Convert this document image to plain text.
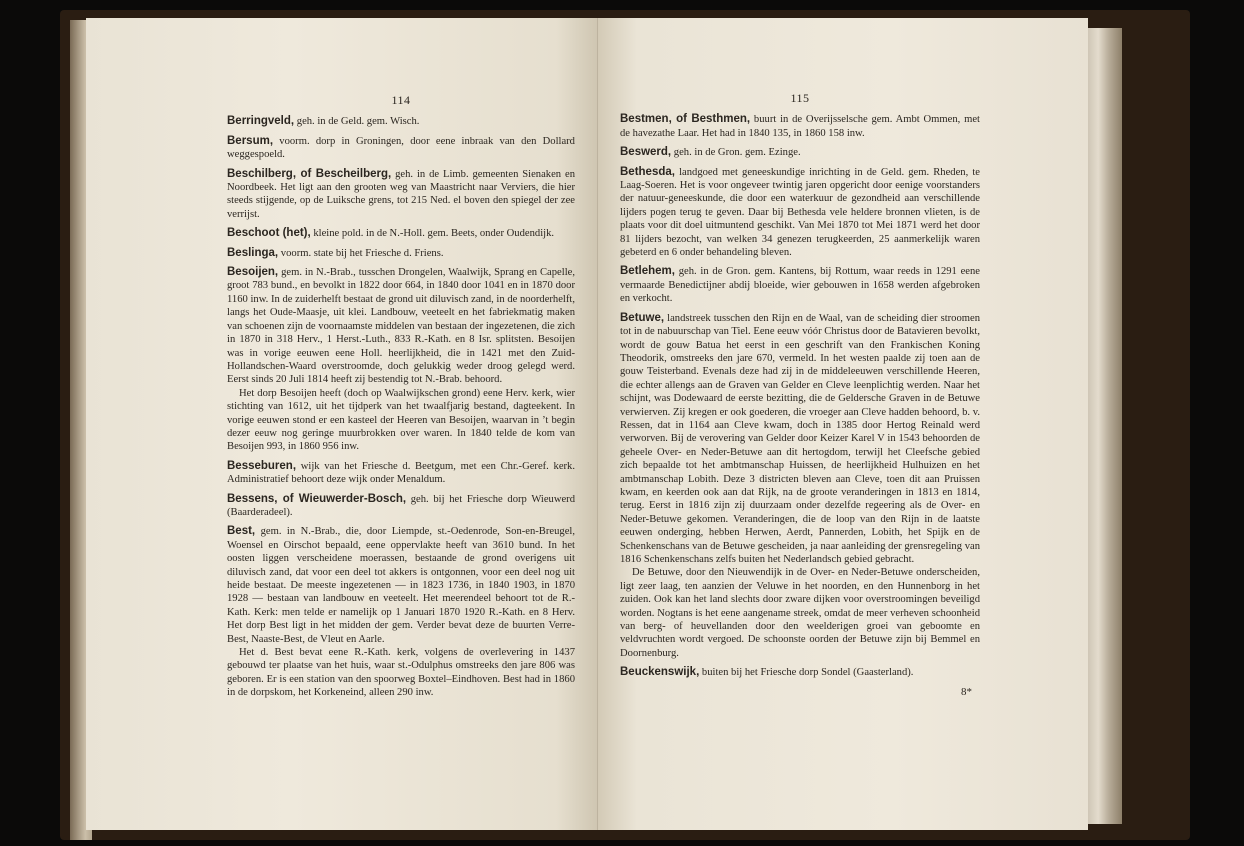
114

Berringveld, geh. in de Geld. gem. Wisch.

Bersum, voorm. dorp in Groningen, door eene inbraak van den Dollard weggespoeld.

Beschilberg, of Bescheilberg, geh. in de Limb. gemeenten Sienaken en Noordbeek. Het ligt aan den grooten weg van Maastricht naar Verviers, die hier steeds stijgende, op de Luiksche grens, tot 215 Ned. el boven den spiegel der zee verrijst.

Beschoot (het), kleine pold. in de N.-Holl. gem. Beets, onder Oudendijk.

Beslinga, voorm. state bij het Friesche d. Friens.

Besoijen, gem. in N.-Brab., tusschen Drongelen, Waalwijk, Sprang en Capelle, groot 783 bund., en bevolkt in 1822 door 664, in 1840 door 1041 en in 1870 door 1160 inw. In de zuiderhelft bestaat de grond uit diluvisch zand, in de noorderhelft, langs het Oude-Maasje, uit klei. Landbouw, veeteelt en het fabriekmatig maken van schoenen zijn de voornaamste middelen van bestaan der ingezetenen, die zich in 1870 in 318 Herv., 1 Herst.-Luth., 833 R.-Kath. en 8 Isr. splitsten. Besoijen was in vorige eeuwen eene Holl. heerlijkheid, die in 1421 met den Zuid-Hollandschen-Waard overstroomde, doch gelukkig weder droog gelegd werd. Eerst sinds 20 Juli 1814 heeft zij bestendig tot N.-Brab. behoord.

Het dorp Besoijen heeft (doch op Waalwijkschen grond) eene Herv. kerk, wier stichting van 1612, uit het tijdperk van het twaalfjarig bestand, dagteekent. In vorige eeuwen stond er een kasteel der Heeren van Besoijen, waarvan in ’t begin dezer eeuw nog geringe muurbrokken over waren. In 1840 telde de kom van Besoijen 993, in 1860 956 inw.

Besseburen, wijk van het Friesche d. Beetgum, met een Chr.-Geref. kerk. Administratief behoort deze wijk onder Menaldum.

Bessens, of Wieuwerder-Bosch, geh. bij het Friesche dorp Wieuwerd (Baarderadeel).

Best, gem. in N.-Brab., die, door Liempde, st.-Oedenrode, Son-en-Breugel, Woensel en Oirschot bepaald, eene oppervlakte heeft van 3610 bund. In het oosten liggen verscheidene moerassen, bestaande de grond overigens uit diluvisch zand, dat voor een deel tot akkers is ontgonnen, voor een deel nog uit heide bestaat. De meeste ingezetenen — in 1823 1736, in 1840 1903, in 1870 1928 — bestaan van landbouw en veeteelt. Het meerendeel behoort tot de R.-Kath. Kerk: men telde er namelijk op 1 Januari 1870 1920 R.-Kath. en 8 Herv. Het dorp Best ligt in het midden der gem. Verder bevat deze de buurten Verre-Best, Naaste-Best, de Vleut en Aarle.

Het d. Best bevat eene R.-Kath. kerk, volgens de overlevering in 1437 gebouwd ter plaatse van het huis, waar st.-Odulphus omstreeks den jare 806 was geboren. Er is een station van den spoorweg Boxtel–Eindhoven. Best had in 1860 in de dorpskom, het Korkeneind, alleen 290 inw.

115

Bestmen, of Besthmen, buurt in de Overijsselsche gem. Ambt Ommen, met de havezathe Laar. Het had in 1840 135, in 1860 158 inw.

Beswerd, geh. in de Gron. gem. Ezinge.

Bethesda, landgoed met geneeskundige inrichting in de Geld. gem. Rheden, te Laag-Soeren. Het is voor ongeveer twintig jaren opgericht door eenige voorstanders der natuur-geneeskunde, die door een waterkuur de gezondheid aan verschillende lijders pogen terug te geven. Daar bij Bethesda vele heldere bronnen vlieten, is de plaats voor dit doel uitmuntend geschikt. Van Mei 1870 tot Mei 1871 werd het door 81 lijders bezocht, van welken 34 genezen terugkeerden, 25 aanmerkelijk waren gebeterd en 6 onder behandeling bleven.

Betlehem, geh. in de Gron. gem. Kantens, bij Rottum, waar reeds in 1291 eene vermaarde Benedictijner abdij bloeide, wier gebouwen in 1658 werden afgebroken en verkocht.

Betuwe, landstreek tusschen den Rijn en de Waal, van de scheiding dier stroomen tot in de nabuurschap van Tiel. Eene eeuw vóór Christus door de Batavieren bevolkt, wordt de gouw Batua het eerst in een geschrift van den Frankischen Koning Theodorik, omstreeks den jare 670, vermeld. In het westen paalde zij toen aan de gouw Teisterband. Evenals deze had zij in de middeleeuwen verschillende Heeren, die echter allengs aan de Graven van Gelder en Cleve leenplichtig werden. Naar het schijnt, was Dodewaard de eerste bezitting, die de Geldersche Graven in de Betuwe verwierven. Zij kregen er ook goederen, die vroeger aan Cleve hadden behoord, b. v. Ressen, dat in 1164 aan Cleve kwam, doch in 1385 door Hertog Reinald werd verworven. Bij de verovering van Gelder door Keizer Karel V in 1543 behoorden de geheele Over- en Neder-Betuwe aan dit hertogdom, terwijl het Cleefsche gebied zich bepaalde tot het ambtmanschap Huissen, de heerlijkheid Hulhuizen en het ambtmanschap Lobith. Deze 3 districten bleven aan Cleve, toen dit aan Pruissen kwam, en keerden ook aan dat Rijk, na de groote veranderingen in 1813 en 1814, terug. Eerst in 1816 zijn zij duurzaam onder dezelfde regeering als de Over- en Neder-Betuwe gekomen. Veranderingen, die de loop van den Rijn in de laatste eeuwen onderging, hebben Herwen, Aerdt, Pannerden, Lobith, het Spijk en de Schenkenschans van de Betuwe gescheiden, ja naar aanleiding der grensregeling van 1816 Schenkenschans zelfs buiten het Nederlandsch gebied gebracht.

De Betuwe, door den Nieuwendijk in de Over- en Neder-Betuwe onderscheiden, ligt zeer laag, ten aanzien der Veluwe in het noorden, en den Hunnenborg in het zuiden. Ook kan het land slechts door zware dijken voor overstroomingen beveiligd worden. Nogtans is het eene aangename streek, omdat de meer verheven schoonheid van berg- of heuvellanden door den weelderigen groei van geboomte en veldvruchten wordt vergoed. De schoonste oorden der Betuwe zijn bij Bemmel en Doornenburg.

Beuckenswijk, buiten bij het Friesche dorp Sondel (Gaasterland).

8*
